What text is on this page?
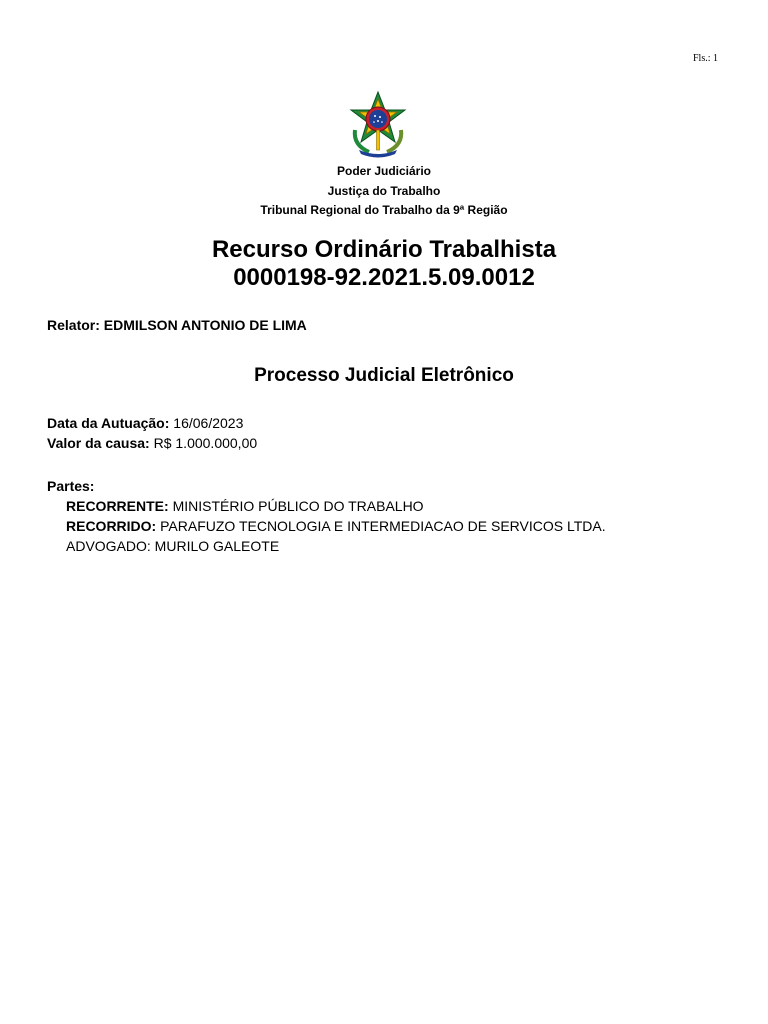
Fls.: 1
Poder Judiciário
Justiça do Trabalho
Tribunal Regional do Trabalho da 9ª Região
Recurso Ordinário Trabalhista
0000198-92.2021.5.09.0012
Relator: EDMILSON ANTONIO DE LIMA
Processo Judicial Eletrônico
Data da Autuação: 16/06/2023
Valor da causa: R$ 1.000.000,00
Partes:
RECORRENTE: MINISTÉRIO PÚBLICO DO TRABALHO
RECORRIDO: PARAFUZO TECNOLOGIA E INTERMEDIACAO DE SERVICOS LTDA.
ADVOGADO: MURILO GALEOTE
